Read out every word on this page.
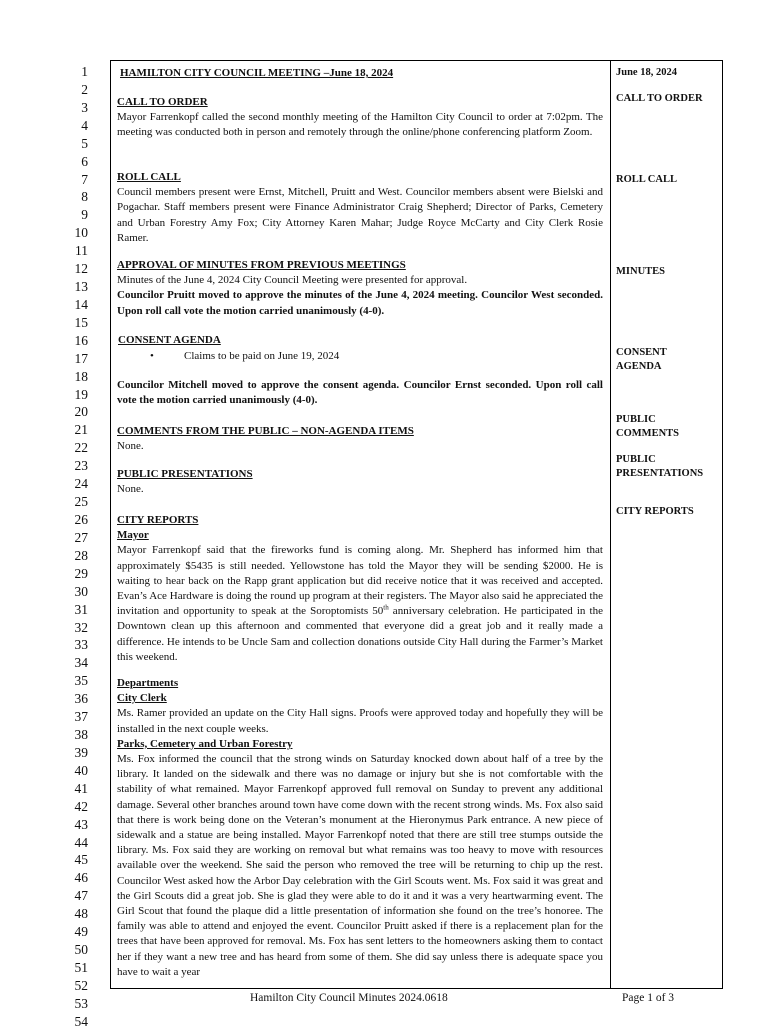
1
2
3
4
5
6
7
8
9
10
11
12
13
14
15
16
17
18
19
20
21
22
23
24
25
26
27
28
29
30
31
32
33
34
35
36
37
38
39
40
41
42
43
44
45
46
47
48
49
50
51
52
53
54
HAMILTON CITY COUNCIL MEETING –June 18, 2024	June 18, 2024
CALL TO ORDER
Mayor Farrenkopf called the second monthly meeting of the Hamilton City Council to order at 7:02pm. The meeting was conducted both in person and remotely through the online/phone conferencing platform Zoom.
CALL TO ORDER
ROLL CALL
Council members present were Ernst, Mitchell, Pruitt and West. Councilor members absent were Bielski and Pogachar. Staff members present were Finance Administrator Craig Shepherd; Director of Parks, Cemetery and Urban Forestry Amy Fox; City Attorney Karen Mahar; Judge Royce McCarty and City Clerk Rosie Ramer.
ROLL CALL
APPROVAL OF MINUTES FROM PREVIOUS MEETINGS
Minutes of the June 4, 2024 City Council Meeting were presented for approval.
Councilor Pruitt moved to approve the minutes of the June 4, 2024 meeting. Councilor West seconded. Upon roll call vote the motion carried unanimously (4-0).
MINUTES
CONSENT AGENDA
•	Claims to be paid on June 19, 2024
Councilor Mitchell moved to approve the consent agenda. Councilor Ernst seconded. Upon roll call vote the motion carried unanimously (4-0).
CONSENT AGENDA
COMMENTS FROM THE PUBLIC – NON-AGENDA ITEMS
None.
PUBLIC COMMENTS
PUBLIC PRESENTATIONS
None.
PUBLIC PRESENTATIONS
CITY REPORTS
CITY REPORTS
Mayor
Mayor Farrenkopf said that the fireworks fund is coming along. Mr. Shepherd has informed him that approximately $5435 is still needed. Yellowstone has told the Mayor they will be sending $2000. He is waiting to hear back on the Rapp grant application but did receive notice that it was received and accepted. Evan’s Ace Hardware is doing the round up program at their registers. The Mayor also said he appreciated the invitation and opportunity to speak at the Soroptomists 50th anniversary celebration. He participated in the Downtown clean up this afternoon and commented that everyone did a great job and it really made a difference. He intends to be Uncle Sam and collection donations outside City Hall during the Farmer’s Market this weekend.
Departments
City Clerk
Ms. Ramer provided an update on the City Hall signs. Proofs were approved today and hopefully they will be installed in the next couple weeks.
Parks, Cemetery and Urban Forestry
Ms. Fox informed the council that the strong winds on Saturday knocked down about half of a tree by the library. It landed on the sidewalk and there was no damage or injury but she is not comfortable with the stability of what remained. Mayor Farrenkopf approved full removal on Sunday to prevent any additional damage. Several other branches around town have come down with the recent strong winds. Ms. Fox also said that there is work being done on the Veteran’s monument at the Hieronymus Park entrance. A new piece of sidewalk and a statue are being installed. Mayor Farrenkopf noted that there are still tree stumps outside the library. Ms. Fox said they are working on removal but what remains was too heavy to move with resources available over the weekend. She said the person who removed the tree will be returning to chip up the rest. Councilor West asked how the Arbor Day celebration with the Girl Scouts went. Ms. Fox said it was great and the Girl Scouts did a great job. She is glad they were able to do it and it was a very heartwarming event. The Girl Scout that found the plaque did a little presentation of information she found on the tree’s honoree. The family was able to attend and enjoyed the event. Councilor Pruitt asked if there is a replacement plan for the trees that have been approved for removal. Ms. Fox has sent letters to the homeowners asking them to contact her if they want a new tree and has heard from some of them. She did say unless there is adequate space you have to wait a year
Hamilton City Council Minutes 2024.0618	Page 1 of 3
